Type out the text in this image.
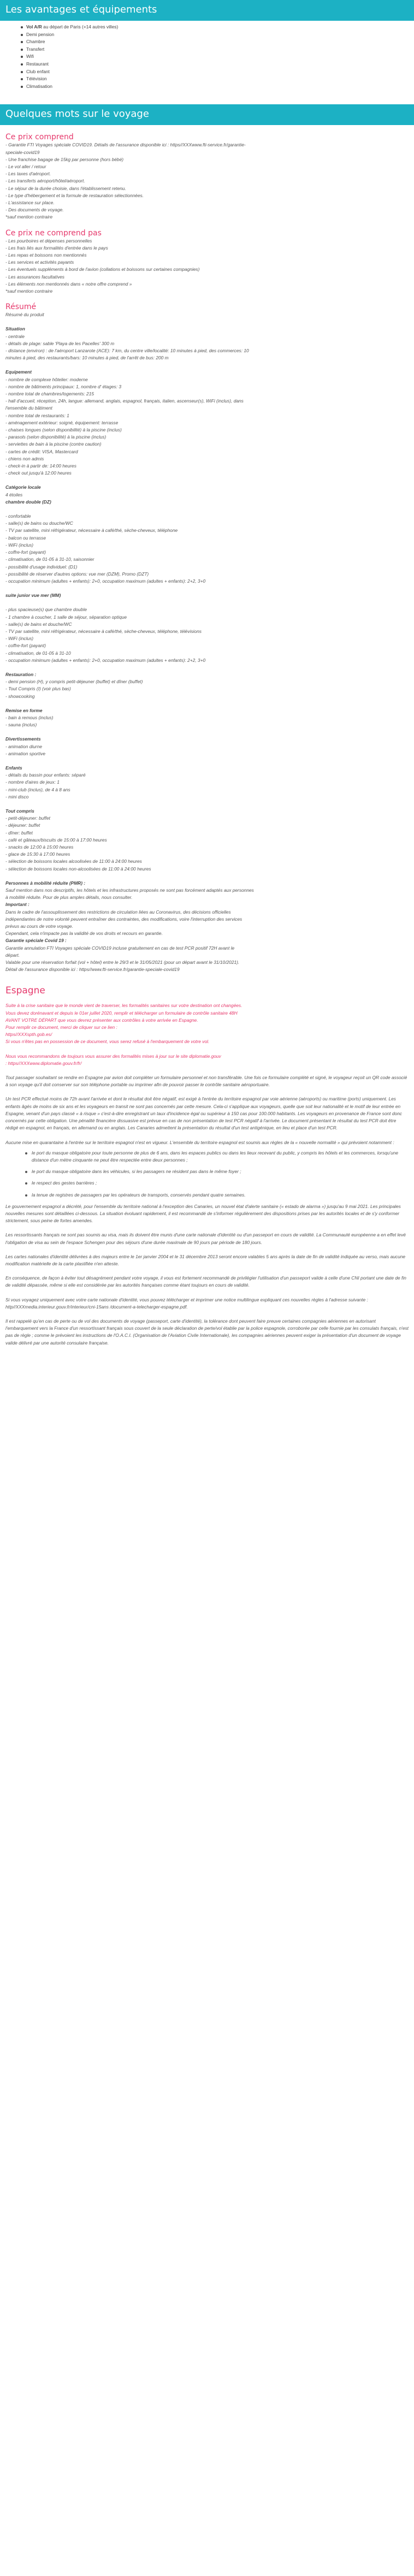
Les avantages et équipements
Vol A/R au départ de Paris (+14 autres villes)
Demi pension
Chambre
Transfert
Wifi
Restaurant
Club enfant
Télévision
Climatisation
Quelques mots sur le voyage
Ce prix comprend
- Garantie FTI Voyages spéciale COVID19. Détails de l'assurance disponible ici : https//XXXwww.fti-service.fr/garantie-
speciale-covid19
- Une franchise bagage de 15kg par personne (hors bébé)
- Le vol aller / retour
- Les taxes d'aéroport.
- Les transferts aéroport/hôtel/aéroport.
- Le séjour de la durée choisie, dans l'établissement retenu.
- Le type d'hébergement et la formule de restauration sélectionnées.
- L'assistance sur place.
- Des documents de voyage.
*sauf mention contraire
Ce prix ne comprend pas
- Les pourboires et dépenses personnelles
- Les frais liés aux formalités d'entrée dans le pays
- Les repas et boissons non mentionnés
- Les services et activités payants
- Les éventuels suppléments à bord de l'avion (collations et boissons sur certaines compagnies)
- Les assurances facultatives
- Les éléments non mentionnés dans « notre offre comprend »
*sauf mention contraire
Résumé
Résumé du produit
Situation
- centrale
- détails de plage: sable 'Playa de les Pacelles' 300 m
- distance (environ) : de l'aéroport Lanzarote (ACE): 7 km, du centre ville/localité: 10 minutes à pied, des commerces: 10
minutes à pied, des restaurants/bars: 10 minutes à pied, de l'arrêt de bus: 200 m
Equipement
- nombre de complexe hôtelier: moderne
- nombre de bâtiments principaux: 1, nombre d' étages: 3
- nombre total de chambres/logements: 215
- hall d'accueil, réception, 24h, langue: allemand, anglais, espagnol, français, italien, ascenseur(s), WiFi (inclus), dans
l'ensemble du bâtiment
- nombre total de restaurants: 1
- aménagement extérieur: soigné, équipement: terrasse
- chaises longues (selon disponibilité) à la piscine (inclus)
- parasols (selon disponibilité) à la piscine (inclus)
- serviettes de bain à la piscine (contre caution)
- cartes de crédit: VISA, Mastercard
- chiens non admis
- check-in à partir de: 14:00 heures
- check out jusqu'à 12:00 heures
Catégorie locale
4 étoiles
chambre double (DZ)
- confortable
- salle(s) de bains ou douche/WC
- TV par satellite, mini réfrigérateur, nécessaire à café/thé, sèche-cheveux, téléphone
- balcon ou terrasse
- WiFi (inclus)
- coffre-fort (payant)
- climatisation, de 01-05 à 31-10, saisonnier
- possibilité d'usage individuel: (D1)
- possibilité de réserver d'autres options: vue mer (DZM), Promo (DZT)
- occupation minimum (adultes + enfants): 2+0, occupation maximum (adultes + enfants): 2+2, 3+0
suite junior vue mer (MM)
- plus spacieuse(s) que chambre double
- 1 chambre à coucher, 1 salle de séjour, séparation optique
- salle(s) de bains et douche/WC
- TV par satellite, mini réfrigérateur, nécessaire à café/thé, sèche-cheveux, téléphone, télévisions
- WiFi (inclus)
- coffre-fort (payant)
- climatisation, de 01-05 à 31-10
- occupation minimum (adultes + enfants): 2+0, occupation maximum (adultes + enfants): 2+2, 3+0
Restauration :
- demi pension (H), y compris petit-déjeuner (buffet) et dîner (buffet)
- Tout Compris (I) (voir plus bas)
- showcooking
Remise en forme
- bain à remous (inclus)
- sauna (inclus)
Divertissements
- animation diurne
- animation sportive
Enfants
- détails du bassin pour enfants: séparé
- nombre d'aires de jeux: 1
- mini-club (inclus), de 4 à 8 ans
- mini disco
Tout compris
- petit-déjeuner: buffet
- déjeuner: buffet
- dîner: buffet
- café et gâteaux/biscuits de 15:00 à 17:00 heures
- snacks de 12:00 à 15:00 heures
- glace de 15:30 à 17:00 heures
- sélection de boissons locales alcoolisées de 11:00 à 24:00 heures
- sélection de boissons locales non-alcoolisées de 11:00 à 24:00 heures
Personnes à mobilité réduite (PMR) :
Sauf mention dans nos descriptifs, les hôtels et les infrastructures proposés ne sont pas forcément adaptés aux personnes
à mobilité réduite. Pour de plus amples détails, nous consulter.
Important :
Dans le cadre de l'assouplissement des restrictions de circulation liées au Coronavirus, des décisions officielles
indépendantes de notre volonté peuvent entraîner des contraintes, des modifications, voire l'interruption des services
prévus au cours de votre voyage.
Cependant, cela n'impacte pas la validité de vos droits et recours en garantie.
Garantie spéciale Covid 19 :
Garantie annulation FTI Voyages spéciale COVID19 incluse gratuitement en cas de test PCR positif 72H avant le
départ.
Valable pour une réservation forfait (vol + hôtel) entre le 29/3 et le 31/05/2021 (pour un départ avant le 31/10/2021).
Détail de l'assurance disponible ici : https//www.fti-service.fr/garantie-speciale-covid19
Espagne
Suite à la crise sanitaire que le monde vient de traverser, les formalités sanitaires sur votre destination ont changées.
Vous devez dorénavant et depuis le 01er juillet 2020, remplir et télécharger un formulaire de contrôle sanitaire 48H
AVANT VOTRE DÉPART que vous devrez présenter aux contrôles à votre arrivée en Espagne.
Pour remplir ce document, merci de cliquer sur ce lien :
https//XXXspth.gob.es/
Si vous n'êtes pas en possession de ce document, vous serez refusé à l'embarquement de votre vol.
Nous vous recommandons de toujours vous assurer des formalités mises à jour sur le site diplomatie.gouv
: https//XXXwww.diplomatie.gouv.fr/fr/

Tout passager souhaitant se rendre en Espagne par avion doit compléter un formulaire personnel et non transférable. Une fois ce formulaire complété et signé, le voyageur reçoit un QR code associé à son voyage qu'il doit conserver sur son téléphone portable ou imprimer afin de pouvoir passer le contrôle sanitaire aéroportuaire.

Un test PCR effectué moins de 72h avant l'arrivée et dont le résultat doit être négatif, est exigé à l'entrée du territoire espagnol par voie aérienne (aéroports) ou maritime (ports) uniquement. Les enfants âgés de moins de six ans et les voyageurs en transit ne sont pas concernés par cette mesure. Cela-ci s'applique aux voyageurs, quelle que soit leur nationalité et le motif de leur entrée en Espagne, venant d'un pays classé « à risque » c'est-à-dire enregistrant un taux d'incidence égal ou supérieur à 150 cas pour 100.000 habitants. Les voyageurs en provenance de France sont donc concernés par cette obligation. Une pénalité financière dissuasive est prévue en cas de non présentation de test PCR négatif à l'arrivée. Le document présentant le résultat du test PCR doit être rédigé en espagnol, en français, en allemand ou en anglais. Les Canaries admettent la présentation du résultat d'un test antigénique, en lieu et place d'un test PCR.

Aucune mise en quarantaine à l'entrée sur le territoire espagnol n'est en vigueur. L'ensemble du territoire espagnol est soumis aux règles de la « nouvelle normalité » qui prévoient notamment :

le port du masque obligatoire pour toute personne de plus de 6 ans, dans les espaces publics ou dans les lieux recevant du public, y compris les hôtels et les commerces, lorsqu'une distance d'un mètre cinquante ne peut être respectée entre deux personnes ;
le port du masque obligatoire dans les véhicules, si les passagers ne résident pas dans le même foyer ;
le respect des gestes barrières ;
la tenue de registres de passagers par les opérateurs de transports, conservés pendant quatre semaines.

Le gouvernement espagnol a décrété, pour l'ensemble du territoire national à l'exception des Canaries, un nouvel état d'alerte sanitaire (« estado de alarma ») jusqu'au 9 mai 2021. Les principales nouvelles mesures sont détaillées ci-dessous. La situation évoluant rapidement, il est recommandé de s'informer régulièrement des dispositions prises par les autorités locales et de s'y conformer strictement, sous peine de fortes amendes.

Les ressortissants français ne sont pas soumis au visa, mais ils doivent être munis d'une carte nationale d'identité ou d'un passeport en cours de validité. La Communauté européenne a en effet levé l'obligation de visa au sein de l'espace Schengen pour des séjours d'une durée maximale de 90 jours par période de 180 jours.

Les cartes nationales d'identité délivrées à des majeurs entre le 1er janvier 2004 et le 31 décembre 2013 seront encore valables 5 ans après la date de fin de validité indiquée au verso, mais aucune modification matérielle de la carte plastifiée n'en atteste.

En conséquence, de façon à éviter tout désagrément pendant votre voyage, il vous est fortement recommandé de privilégier l'utilisation d'un passeport valide à celle d'une CNI portant une date de fin de validité dépassée, même si elle est considérée par les autorités françaises comme étant toujours en cours de validité.

Si vous voyagez uniquement avec votre carte nationale d'identité, vous pouvez télécharger et imprimer une notice multilingue expliquant ces nouvelles règles à l'adresse suivante : http//XXXmedia.interieur.gouv.fr/interieur/cni-15ans /document-a-telecharger-espagne.pdf.

Il est rappelé qu'en cas de perte ou de vol des documents de voyage (passeport, carte d'identité), la tolérance dont peuvent faire preuve certaines compagnies aériennes en autorisant l'embarquement vers la France d'un ressortissant français sous couvert de la seule déclaration de perte/vol établie par la police espagnole, corroborée par celle fournie par les consulats français, n'est pas de règle ; comme le prévoient les instructions de l'O.A.C.I. (Organisation de l'Aviation Civile Internationale), les compagnies aériennes peuvent exiger la présentation d'un document de voyage valide délivré par une autorité consulaire française.
